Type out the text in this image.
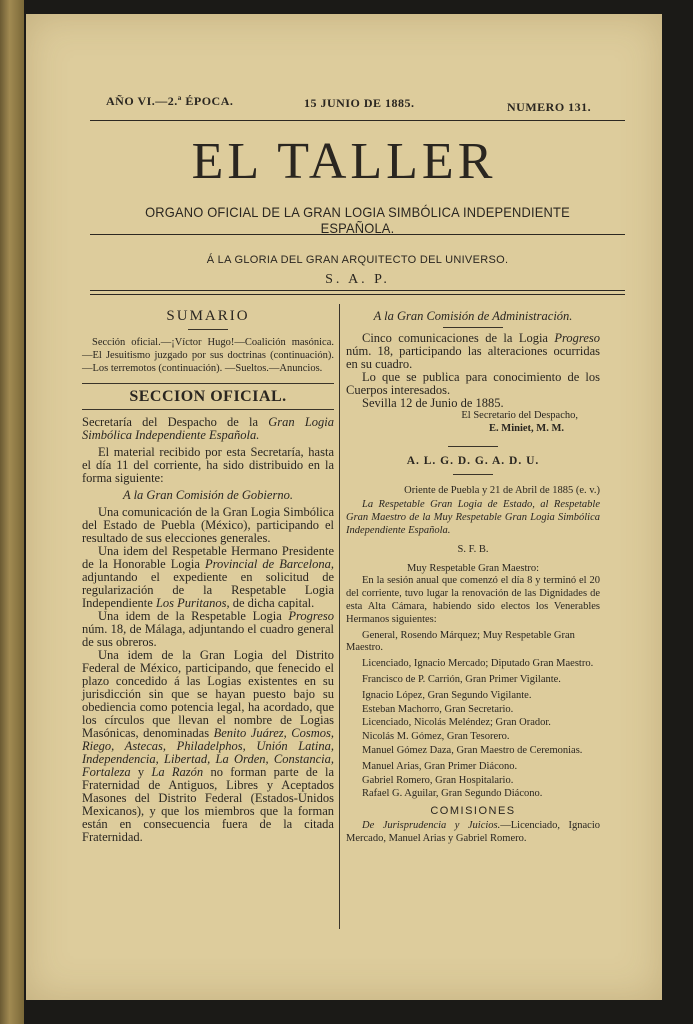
AÑO VI.—2.ª ÉPOCA.	15 JUNIO DE 1885.	NUMERO 131.
EL TALLER
ORGANO OFICIAL DE LA GRAN LOGIA SIMBÓLICA INDEPENDIENTE ESPAÑOLA.
Á LA GLORIA DEL GRAN ARQUITECTO DEL UNIVERSO.
S. A. P.

SUMARIO

Sección oficial.—¡Víctor Hugo!—Coalición masónica.—El Jesuitismo juzgado por sus doctrinas (continuación).—Los terremotos (continuación). —Sueltos.—Anuncios.

SECCION OFICIAL.

Secretaría del Despacho de la Gran Logia Simbólica Independiente Española.

El material recibido por esta Secretaría, hasta el día 11 del corriente, ha sido distribuido en la forma siguiente:

A la Gran Comisión de Gobierno.

Una comunicación de la Gran Logia Simbólica del Estado de Puebla (México), participando el resultado de sus elecciones generales.

Una idem del Respetable Hermano Presidente de la Honorable Logia Provincial de Barcelona, adjuntando el expediente en solicitud de regularización de la Respetable Logia Independiente Los Puritanos, de dicha capital.

Una idem de la Respetable Logia Progreso núm. 18, de Málaga, adjuntando el cuadro general de sus obreros.

Una idem de la Gran Logia del Distrito Federal de México, participando, que fenecido el plazo concedido á las Logias existentes en su jurisdicción sin que se hayan puesto bajo su obediencia como potencia legal, ha acordado, que los círculos que llevan el nombre de Logias Masónicas, denominadas Benito Juárez, Cosmos, Riego, Astecas, Philadelphos, Unión Latina, Independencia, Libertad, La Orden, Constancia, Fortaleza y La Razón no forman parte de la Fraternidad de Antiguos, Libres y Aceptados Masones del Distrito Federal (Estados-Unidos Mexicanos), y que los miembros que la forman están en consecuencia fuera de la citada Fraternidad.

A la Gran Comisión de Administración.

Cinco comunicaciones de la Logia Progreso núm. 18, participando las alteraciones ocurridas en su cuadro.

Lo que se publica para conocimiento de los Cuerpos interesados.

Sevilla 12 de Junio de 1885.

El Secretario del Despacho,

E. Miniet, M. M.

A. L. G. D. G. A. D. U.

Oriente de Puebla y 21 de Abril de 1885 (e. v.)

La Respetable Gran Logia de Estado, al Respetable Gran Maestro de la Muy Respetable Gran Logia Simbólica Independiente Española.

S. F. B.

Muy Respetable Gran Maestro:

En la sesión anual que comenzó el día 8 y terminó el 20 del corriente, tuvo lugar la renovación de las Dignidades de esta Alta Cámara, habiendo sido electos los Venerables Hermanos siguientes:

General, Rosendo Márquez; Muy Respetable Gran Maestro.

Licenciado, Ignacio Mercado; Diputado Gran Maestro.

Francisco de P. Carrión, Gran Primer Vigilante.

Ignacio López, Gran Segundo Vigilante.

Esteban Machorro, Gran Secretario.

Licenciado, Nicolás Meléndez; Gran Orador.

Nicolás M. Gómez, Gran Tesorero.

Manuel Gómez Daza, Gran Maestro de Ceremonias.

Manuel Arias, Gran Primer Diácono.

Gabriel Romero, Gran Hospitalario.

Rafael G. Aguilar, Gran Segundo Diácono.

COMISIONES

De Jurisprudencia y Juicios.—Licenciado, Ignacio Mercado, Manuel Arias y Gabriel Romero.
